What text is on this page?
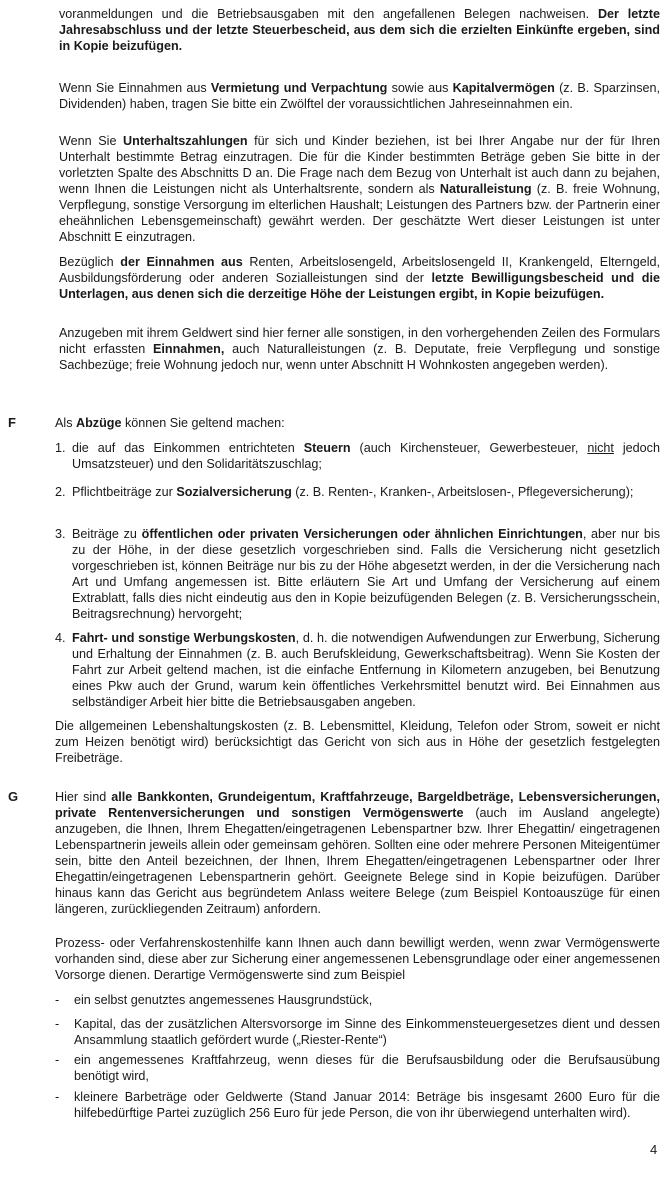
voranmeldungen und die Betriebsausgaben mit den angefallenen Belegen nachweisen. Der letzte Jahresabschluss und der letzte Steuerbescheid, aus dem sich die erzielten Einkünfte ergeben, sind in Kopie beizufügen.
Wenn Sie Einnahmen aus Vermietung und Verpachtung sowie aus Kapitalvermögen (z. B. Sparzinsen, Dividenden) haben, tragen Sie bitte ein Zwölftel der voraussichtlichen Jahreseinnahmen ein.
Wenn Sie Unterhaltszahlungen für sich und Kinder beziehen, ist bei Ihrer Angabe nur der für Ihren Unterhalt bestimmte Betrag einzutragen. Die für die Kinder bestimmten Beträge geben Sie bitte in der vorletzten Spalte des Abschnitts D an. Die Frage nach dem Bezug von Unterhalt ist auch dann zu bejahen, wenn Ihnen die Leistungen nicht als Unterhaltsrente, sondern als Naturalleistung (z. B. freie Wohnung, Verpflegung, sonstige Versorgung im elterlichen Haushalt; Leistungen des Partners bzw. der Partnerin einer eheähnlichen Lebensgemeinschaft) gewährt werden. Der geschätzte Wert dieser Leistungen ist unter Abschnitt E einzutragen.
Bezüglich der Einnahmen aus Renten, Arbeitslosengeld, Arbeitslosengeld II, Krankengeld, Elterngeld, Ausbildungsförderung oder anderen Sozialleistungen sind der letzte Bewilligungsbescheid und die Unterlagen, aus denen sich die derzeitige Höhe der Leistungen ergibt, in Kopie beizufügen.
Anzugeben mit ihrem Geldwert sind hier ferner alle sonstigen, in den vorhergehenden Zeilen des Formulars nicht erfassten Einnahmen, auch Naturalleistungen (z. B. Deputate, freie Verpflegung und sonstige Sachbezüge; freie Wohnung jedoch nur, wenn unter Abschnitt H Wohnkosten angegeben werden).
F	Als Abzüge können Sie geltend machen:
1. die auf das Einkommen entrichteten Steuern (auch Kirchensteuer, Gewerbesteuer, nicht jedoch Umsatzsteuer) und den Solidaritätszuschlag;
2. Pflichtbeiträge zur Sozialversicherung (z. B. Renten-, Kranken-, Arbeitslosen-, Pflegeversicherung);
3. Beiträge zu öffentlichen oder privaten Versicherungen oder ähnlichen Einrichtungen, aber nur bis zu der Höhe, in der diese gesetzlich vorgeschrieben sind. Falls die Versicherung nicht gesetzlich vorgeschrieben ist, können Beiträge nur bis zu der Höhe abgesetzt werden, in der die Versicherung nach Art und Umfang angemessen ist. Bitte erläutern Sie Art und Umfang der Versicherung auf einem Extrablatt, falls dies nicht eindeutig aus den in Kopie beizufügenden Belegen (z. B. Versicherungsschein, Beitragsrechnung) hervorgeht;
4. Fahrt- und sonstige Werbungskosten, d. h. die notwendigen Aufwendungen zur Erwerbung, Sicherung und Erhaltung der Einnahmen (z. B. auch Berufskleidung, Gewerkschaftsbeitrag). Wenn Sie Kosten der Fahrt zur Arbeit geltend machen, ist die einfache Entfernung in Kilometern anzugeben, bei Benutzung eines Pkw auch der Grund, warum kein öffentliches Verkehrsmittel benutzt wird. Bei Einnahmen aus selbständiger Arbeit hier bitte die Betriebsausgaben angeben.
Die allgemeinen Lebenshaltungskosten (z. B. Lebensmittel, Kleidung, Telefon oder Strom, soweit er nicht zum Heizen benötigt wird) berücksichtigt das Gericht von sich aus in Höhe der gesetzlich festgelegten Freibeträge.
G	Hier sind alle Bankkonten, Grundeigentum, Kraftfahrzeuge, Bargeldbeträge, Lebensversicherungen, private Rentenversicherungen und sonstigen Vermögenswerte (auch im Ausland angelegte) anzugeben, die Ihnen, Ihrem Ehegatten/eingetragenen Lebenspartner bzw. Ihrer Ehegattin/ eingetragenen Lebenspartnerin jeweils allein oder gemeinsam gehören. Sollten eine oder mehrere Personen Miteigentümer sein, bitte den Anteil bezeichnen, der Ihnen, Ihrem Ehegatten/eingetragenen Lebenspartner oder Ihrer Ehegattin/eingetragenen Lebenspartnerin gehört. Geeignete Belege sind in Kopie beizufügen. Darüber hinaus kann das Gericht aus begründetem Anlass weitere Belege (zum Beispiel Kontoauszüge für einen längeren, zurückliegenden Zeitraum) anfordern.
Prozess- oder Verfahrenskostenhilfe kann Ihnen auch dann bewilligt werden, wenn zwar Vermögenswerte vorhanden sind, diese aber zur Sicherung einer angemessenen Lebensgrundlage oder einer angemessenen Vorsorge dienen. Derartige Vermögenswerte sind zum Beispiel
- ein selbst genutztes angemessenes Hausgrundstück,
- Kapital, das der zusätzlichen Altersvorsorge im Sinne des Einkommensteuergesetzes dient und dessen Ansammlung staatlich gefördert wurde („Riester-Rente“)
- ein angemessenes Kraftfahrzeug, wenn dieses für die Berufsausbildung oder die Berufsausübung benötigt wird,
- kleinere Barbeträge oder Geldwerte (Stand Januar 2014: Beträge bis insgesamt 2600 Euro für die hilfebedürftige Partei zuzüglich 256 Euro für jede Person, die von ihr überwiegend unterhalten wird).
4
